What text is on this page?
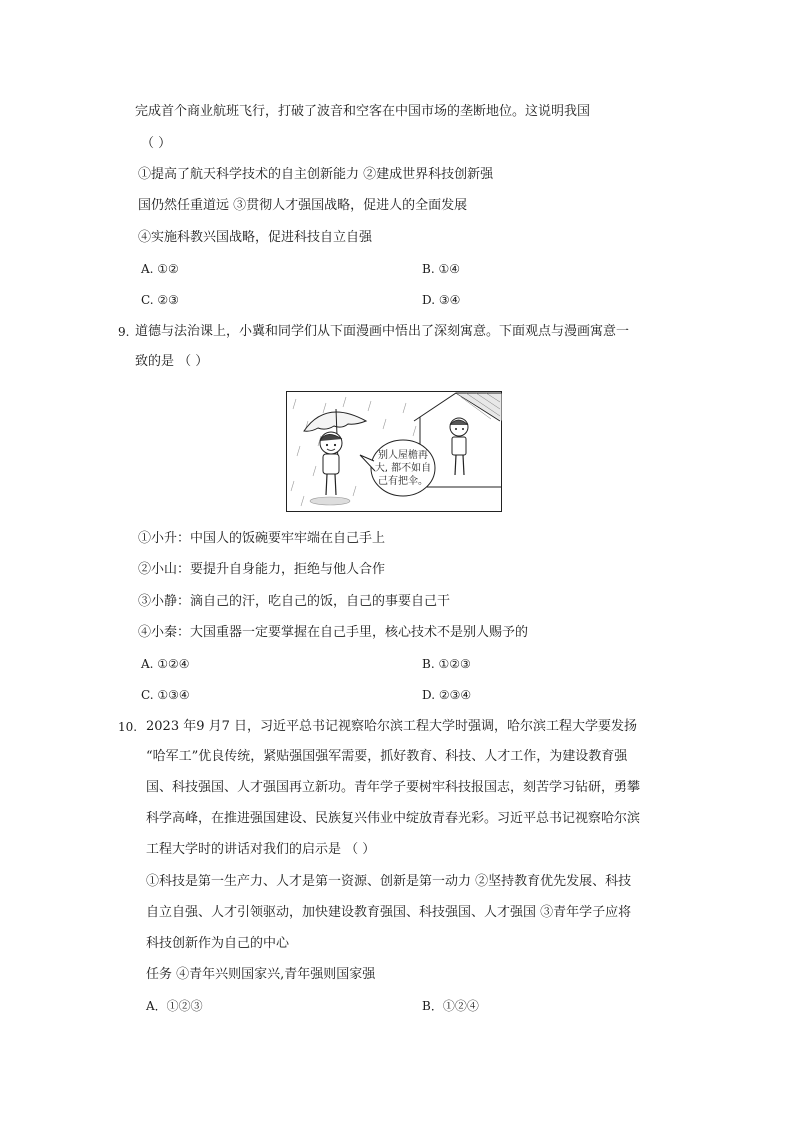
完成首个商业航班飞行，打破了波音和空客在中国市场的垄断地位。这说明我国
（ ）
①提高了航天科学技术的自主创新能力 ②建成世界科技创新强
国仍然任重道远 ③贯彻人才强国战略，促进人的全面发展
④实施科教兴国战略，促进科技自立自强
A. ①②	B. ①④
C. ②③	D. ③④
9. 道德与法治课上，小冀和同学们从下面漫画中悟出了深刻寓意。下面观点与漫画寓意一
致的是 （ ）
别人屋檐再
大, 都不如自
己有把伞。
①小升：中国人的饭碗要牢牢端在自己手上
②小山：要提升自身能力，拒绝与他人合作
③小静：滴自己的汗，吃自己的饭，自己的事要自己干
④小秦：大国重器一定要掌握在自己手里，核心技术不是别人赐予的
A. ①②④	B. ①②③
C. ①③④	D. ②③④
10. 2023 年9 月7 日，习近平总书记视察哈尔滨工程大学时强调，哈尔滨工程大学要发扬
“哈军工”优良传统，紧贴强国强军需要，抓好教育、科技、人才工作，为建设教育强
国、科技强国、人才强国再立新功。青年学子要树牢科技报国志，刻苦学习钻研，勇攀
科学高峰，在推进强国建设、民族复兴伟业中绽放青春光彩。习近平总书记视察哈尔滨
工程大学时的讲话对我们的启示是 （ ）
①科技是第一生产力、人才是第一资源、创新是第一动力 ②坚持教育优先发展、科技
自立自强、人才引领驱动，加快建设教育强国、科技强国、人才强国 ③青年学子应将
科技创新作为自己的中心
任务 ④青年兴则国家兴,青年强则国家强
A．①②③	B．①②④
